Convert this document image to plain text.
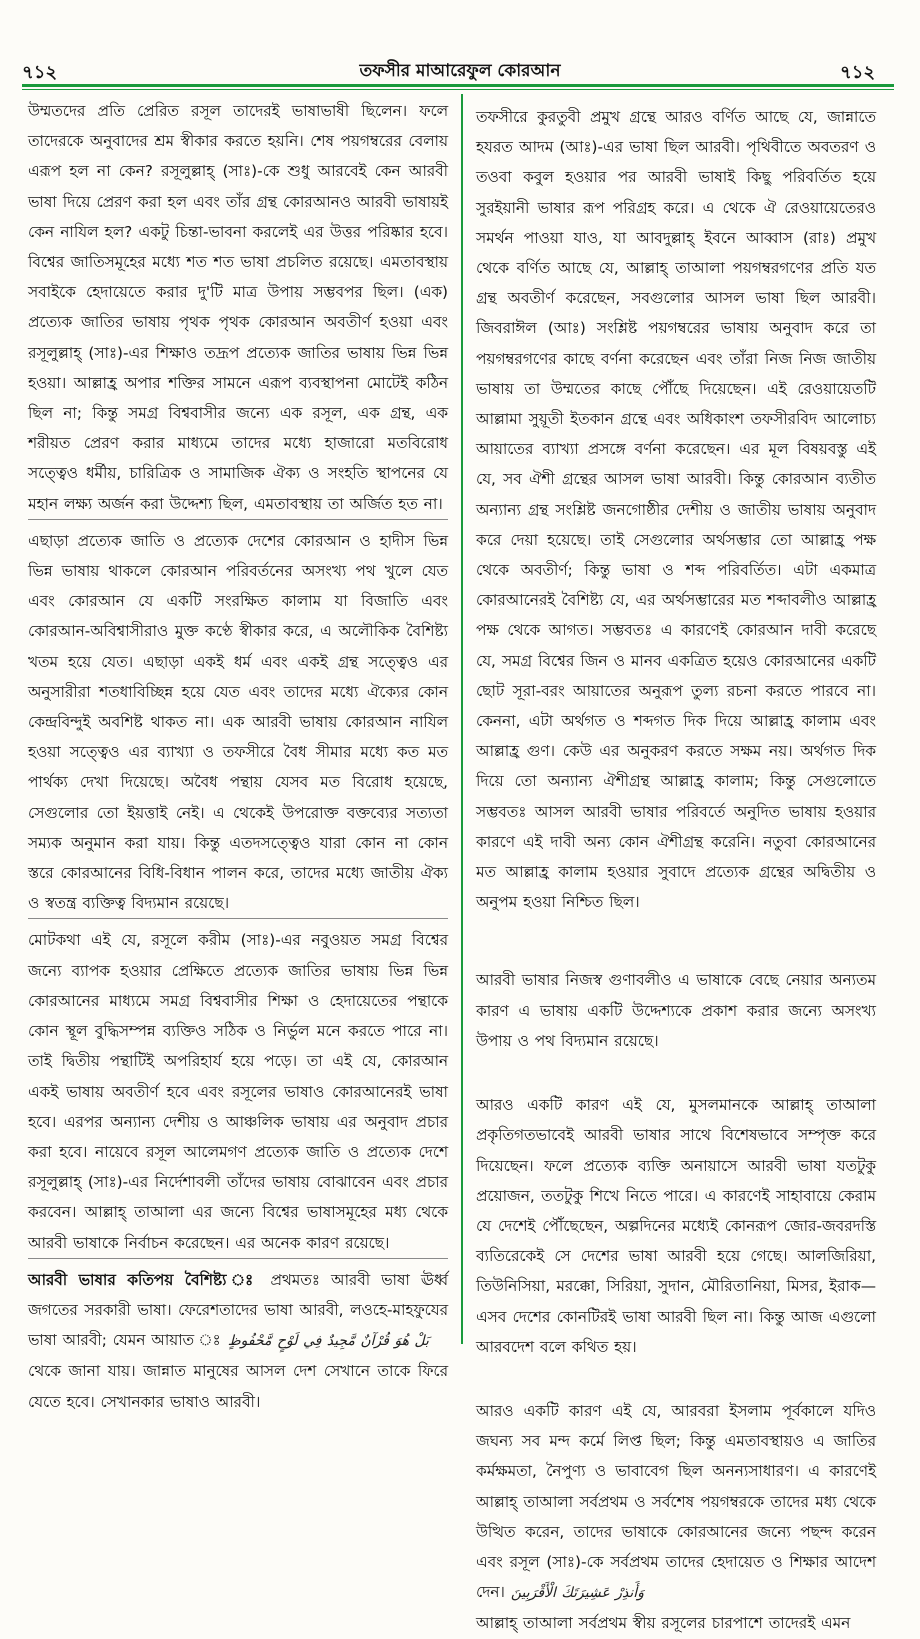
৭১২	তফসীর মাআরেফুল কোরআন	৭১২

উম্মতদের প্রতি প্রেরিত রসূল তাদেরই ভাষাভাষী ছিলেন। ফলে তাদেরকে অনুবাদের শ্রম স্বীকার করতে হয়নি। শেষ পয়গম্বরের বেলায় এরূপ হল না কেন? রসূলুল্লাহ্ (সাঃ)-কে শুধু আরবেই কেন আরবী ভাষা দিয়ে প্রেরণ করা হল এবং তাঁর গ্রন্থ কোরআনও আরবী ভাষায়ই কেন নাযিল হল? একটু চিন্তা-ভাবনা করলেই এর উত্তর পরিষ্কার হবে। বিশ্বের জাতিসমূহের মধ্যে শত শত ভাষা প্রচলিত রয়েছে। এমতাবস্থায় সবাইকে হেদায়েতে করার দু'টি মাত্র উপায় সম্ভবপর ছিল। (এক) প্রত্যেক জাতির ভাষায় পৃথক পৃথক কোরআন অবতীর্ণ হওয়া এবং রসূলুল্লাহ্ (সাঃ)-এর শিক্ষাও তদ্রূপ প্রত্যেক জাতির ভাষায় ভিন্ন ভিন্ন হওয়া। আল্লাহ্র অপার শক্তির সামনে এরূপ ব্যবস্থাপনা মোটেই কঠিন ছিল না; কিন্তু সমগ্র বিশ্ববাসীর জন্যে এক রসূল, এক গ্রন্থ, এক শরীয়ত প্রেরণ করার মাধ্যমে তাদের মধ্যে হাজারো মতবিরোধ সত্ত্বেও ধর্মীয়, চারিত্রিক ও সামাজিক ঐক্য ও সংহতি স্থাপনের যে মহান লক্ষ্য অর্জন করা উদ্দেশ্য ছিল, এমতাবস্থায় তা অর্জিত হত না।

এছাড়া প্রত্যেক জাতি ও প্রত্যেক দেশের কোরআন ও হাদীস ভিন্ন ভিন্ন ভাষায় থাকলে কোরআন পরিবর্তনের অসংখ্য পথ খুলে যেত এবং কোরআন যে একটি সংরক্ষিত কালাম যা বিজাতি এবং কোরআন-অবিশ্বাসীরাও মুক্ত কণ্ঠে স্বীকার করে, এ অলৌকিক বৈশিষ্ট্য খতম হয়ে যেত। এছাড়া একই ধর্ম এবং একই গ্রন্থ সত্ত্বেও এর অনুসারীরা শতধাবিচ্ছিন্ন হয়ে যেত এবং তাদের মধ্যে ঐক্যের কোন কেন্দ্রবিন্দুই অবশিষ্ট থাকত না। এক আরবী ভাষায় কোরআন নাযিল হওয়া সত্ত্বেও এর ব্যাখ্যা ও তফসীরে বৈধ সীমার মধ্যে কত মত পার্থক্য দেখা দিয়েছে। অবৈধ পন্থায় যেসব মত বিরোধ হয়েছে, সেগুলোর তো ইয়ত্তাই নেই। এ থেকেই উপরোক্ত বক্তব্যের সত্যতা সম্যক অনুমান করা যায়। কিন্তু এতদসত্ত্বেও যারা কোন না কোন স্তরে কোরআনের বিধি-বিধান পালন করে, তাদের মধ্যে জাতীয় ঐক্য ও স্বতন্ত্র ব্যক্তিত্ব বিদ্যমান রয়েছে।

মোটকথা এই যে, রসূলে করীম (সাঃ)-এর নবুওয়ত সমগ্র বিশ্বের জন্যে ব্যাপক হওয়ার প্রেক্ষিতে প্রত্যেক জাতির ভাষায় ভিন্ন ভিন্ন কোরআনের মাধ্যমে সমগ্র বিশ্ববাসীর শিক্ষা ও হেদায়েতের পন্থাকে কোন স্থূল বুদ্ধিসম্পন্ন ব্যক্তিও সঠিক ও নির্ভুল মনে করতে পারে না। তাই দ্বিতীয় পন্থাটিই অপরিহার্য হয়ে পড়ে। তা এই যে, কোরআন একই ভাষায় অবতীর্ণ হবে এবং রসূলের ভাষাও কোরআনেরই ভাষা হবে। এরপর অন্যান্য দেশীয় ও আঞ্চলিক ভাষায় এর অনুবাদ প্রচার করা হবে। নায়েবে রসূল আলেমগণ প্রত্যেক জাতি ও প্রত্যেক দেশে রসূলুল্লাহ্ (সাঃ)-এর নির্দেশাবলী তাঁদের ভাষায় বোঝাবেন এবং প্রচার করবেন। আল্লাহ্ তাআলা এর জন্যে বিশ্বের ভাষাসমূহের মধ্য থেকে আরবী ভাষাকে নির্বাচন করেছেন। এর অনেক কারণ রয়েছে।

আরবী ভাষার কতিপয় বৈশিষ্ট্য ঃ প্রথমতঃ আরবী ভাষা ঊর্ধ্ব জগতের সরকারী ভাষা। ফেরেশতাদের ভাষা আরবী, লওহে-মাহফুযের ভাষা আরবী; যেমন আয়াত ঃ بَلْ هُوَ قُرْآنٌ مَّجِيدٌ فِي لَوْحٍ مَّحْفُوظٍ

থেকে জানা যায়। জান্নাত মানুষের আসল দেশ সেখানে তাকে ফিরে যেতে হবে। সেখানকার ভাষাও আরবী।

তফসীরে কুরতুবী প্রমুখ গ্রন্থে আরও বর্ণিত আছে যে, জান্নাতে হযরত আদম (আঃ)-এর ভাষা ছিল আরবী। পৃথিবীতে অবতরণ ও তওবা কবুল হওয়ার পর আরবী ভাষাই কিছু পরিবর্তিত হয়ে সুরইয়ানী ভাষার রূপ পরিগ্রহ করে। এ থেকে ঐ রেওয়ায়েতেরও সমর্থন পাওয়া যাও, যা আবদুল্লাহ্ ইবনে আব্বাস (রাঃ) প্রমুখ থেকে বর্ণিত আছে যে, আল্লাহ্ তাআলা পয়গম্বরগণের প্রতি যত গ্রন্থ অবতীর্ণ করেছেন, সবগুলোর আসল ভাষা ছিল আরবী। জিবরাঈল (আঃ) সংশ্লিষ্ট পয়গম্বরের ভাষায় অনুবাদ করে তা পয়গম্বরগণের কাছে বর্ণনা করেছেন এবং তাঁরা নিজ নিজ জাতীয় ভাষায় তা উম্মতের কাছে পৌঁছে দিয়েছেন। এই রেওয়ায়েতটি আল্লামা সুয়ূতী ইতকান গ্রন্থে এবং অধিকাংশ তফসীরবিদ আলোচ্য আয়াতের ব্যাখ্যা প্রসঙ্গে বর্ণনা করেছেন। এর মূল বিষয়বস্তু এই যে, সব ঐশী গ্রন্থের আসল ভাষা আরবী। কিন্তু কোরআন ব্যতীত অন্যান্য গ্রন্থ সংশ্লিষ্ট জনগোষ্ঠীর দেশীয় ও জাতীয় ভাষায় অনুবাদ করে দেয়া হয়েছে। তাই সেগুলোর অর্থসম্ভার তো আল্লাহ্র পক্ষ থেকে অবতীর্ণ; কিন্তু ভাষা ও শব্দ পরিবর্তিত। এটা একমাত্র কোরআনেরই বৈশিষ্ট্য যে, এর অর্থসম্ভারের মত শব্দাবলীও আল্লাহ্র পক্ষ থেকে আগত। সম্ভবতঃ এ কারণেই কোরআন দাবী করেছে যে, সমগ্র বিশ্বের জিন ও মানব একত্রিত হয়েও কোরআনের একটি ছোট সূরা-বরং আয়াতের অনুরূপ তুল্য রচনা করতে পারবে না। কেননা, এটা অর্থগত ও শব্দগত দিক দিয়ে আল্লাহ্র কালাম এবং আল্লাহ্র গুণ। কেউ এর অনুকরণ করতে সক্ষম নয়। অর্থগত দিক দিয়ে তো অন্যান্য ঐশীগ্রন্থ আল্লাহ্র কালাম; কিন্তু সেগুলোতে সম্ভবতঃ আসল আরবী ভাষার পরিবর্তে অনুদিত ভাষায় হওয়ার কারণে এই দাবী অন্য কোন ঐশীগ্রন্থ করেনি। নতুবা কোরআনের মত আল্লাহ্র কালাম হওয়ার সুবাদে প্রত্যেক গ্রন্থের অদ্বিতীয় ও অনুপম হওয়া নিশ্চিত ছিল।

আরবী ভাষার নিজস্ব গুণাবলীও এ ভাষাকে বেছে নেয়ার অন্যতম কারণ এ ভাষায় একটি উদ্দেশ্যকে প্রকাশ করার জন্যে অসংখ্য উপায় ও পথ বিদ্যমান রয়েছে।

আরও একটি কারণ এই যে, মুসলমানকে আল্লাহ্ তাআলা প্রকৃতিগতভাবেই আরবী ভাষার সাথে বিশেষভাবে সম্পৃক্ত করে দিয়েছেন। ফলে প্রত্যেক ব্যক্তি অনায়াসে আরবী ভাষা যতটুকু প্রয়োজন, ততটুকু শিখে নিতে পারে। এ কারণেই সাহাবায়ে কেরাম যে দেশেই পৌঁছেছেন, অল্পদিনের মধ্যেই কোনরূপ জোর-জবরদস্তি ব্যতিরেকেই সে দেশের ভাষা আরবী হয়ে গেছে। আলজিরিয়া, তিউনিসিয়া, মরক্কো, সিরিয়া, সুদান, মৌরিতানিয়া, মিসর, ইরাক—এসব দেশের কোনটিরই ভাষা আরবী ছিল না। কিন্তু আজ এগুলো আরবদেশ বলে কথিত হয়।

আরও একটি কারণ এই যে, আরবরা ইসলাম পূর্বকালে যদিও জঘন্য সব মন্দ কর্মে লিপ্ত ছিল; কিন্তু এমতাবস্থায়ও এ জাতির কর্মক্ষমতা, নৈপুণ্য ও ভাবাবেগ ছিল অনন্যসাধারণ। এ কারণেই আল্লাহ্ তাআলা সর্বপ্রথম ও সর্বশেষ পয়গম্বরকে তাদের মধ্য থেকে উত্থিত করেন, তাদের ভাষাকে কোরআনের জন্যে পছন্দ করেন এবং রসূল (সাঃ)-কে সর্বপ্রথম তাদের হেদায়েত ও শিক্ষার আদেশ দেন। وَأَنذِرْ عَشِيرَتَكَ الْأَقْرَبِينَ

আল্লাহ্ তাআলা সর্বপ্রথম স্বীয় রসূলের চারপাশে তাদেরই এমন
